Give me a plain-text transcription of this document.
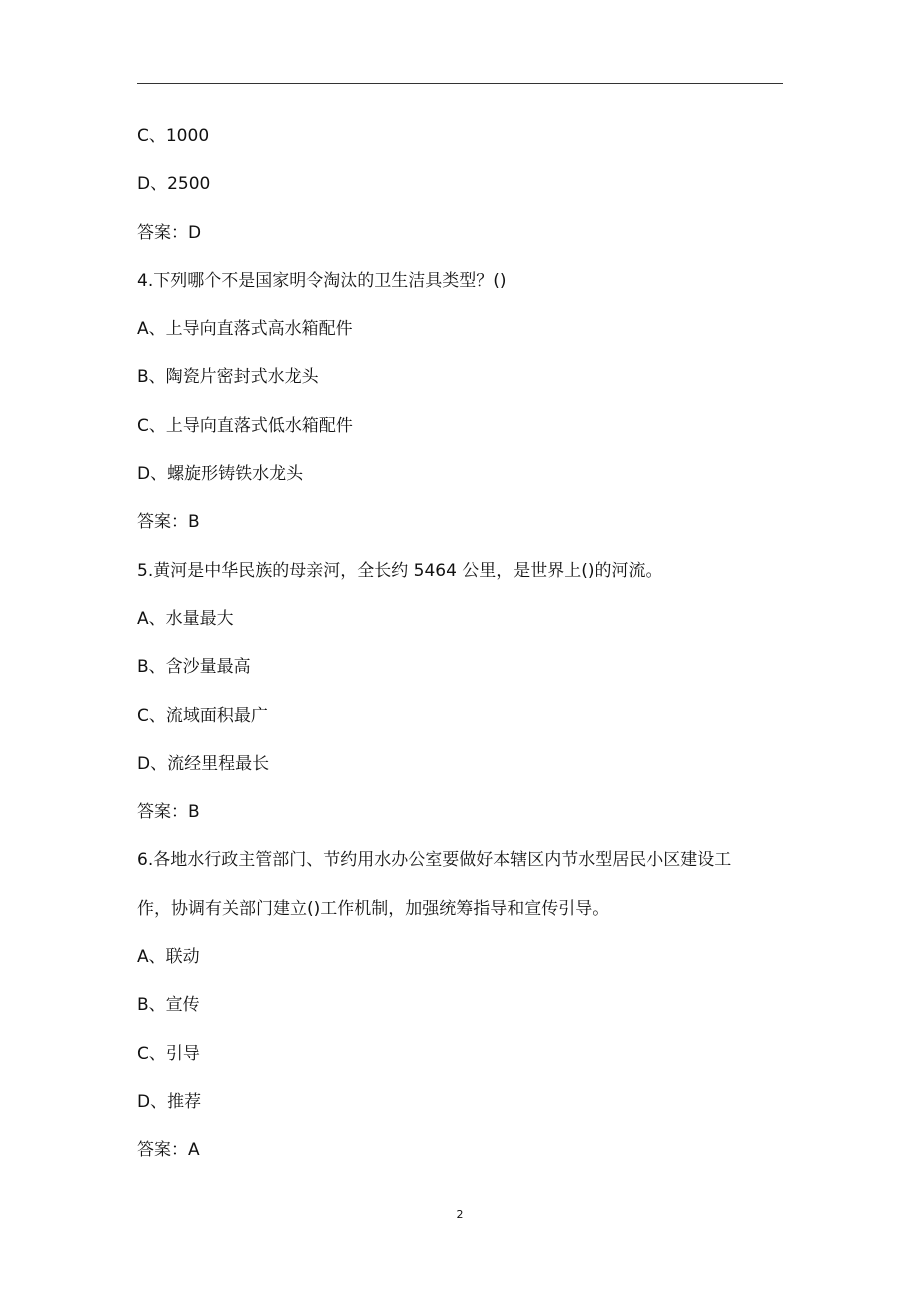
C、1000
D、2500
答案：D
4.下列哪个不是国家明令淘汰的卫生洁具类型？()
A、上导向直落式高水箱配件
B、陶瓷片密封式水龙头
C、上导向直落式低水箱配件
D、螺旋形铸铁水龙头
答案：B
5.黄河是中华民族的母亲河，全长约 5464 公里，是世界上()的河流。
A、水量最大
B、含沙量最高
C、流域面积最广
D、流经里程最长
答案：B
6.各地水行政主管部门、节约用水办公室要做好本辖区内节水型居民小区建设工
作，协调有关部门建立()工作机制，加强统筹指导和宣传引导。
A、联动
B、宣传
C、引导
D、推荐
答案：A
2
